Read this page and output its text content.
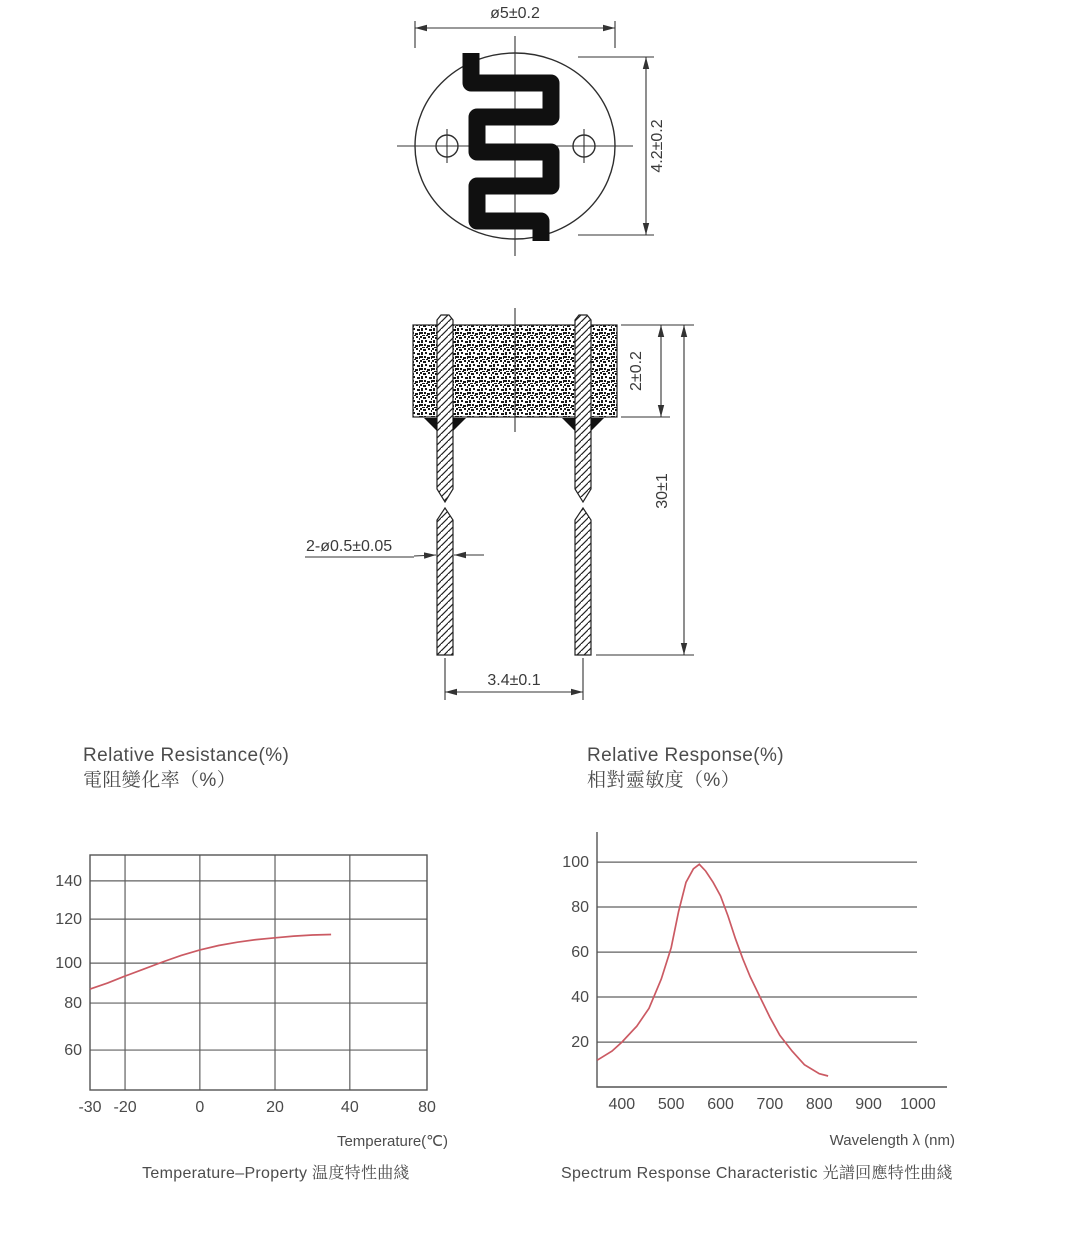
ø5±0.2
4.2±0.2
2±0.2
30±1
2-ø0.5±0.05
3.4±0.1
140
120
100
80
60
-30 -20	0	20	40	80
100
80
60
40
20
400 500 600 700 800 900 1000
Relative Resistance(%)
電阻變化率（%）
Relative Response(%)
相對靈敏度（%）
Temperature(℃)	Wavelength λ (nm)
Temperature–Property 温度特性曲綫	Spectrum Response Characteristic 光譜回應特性曲綫
